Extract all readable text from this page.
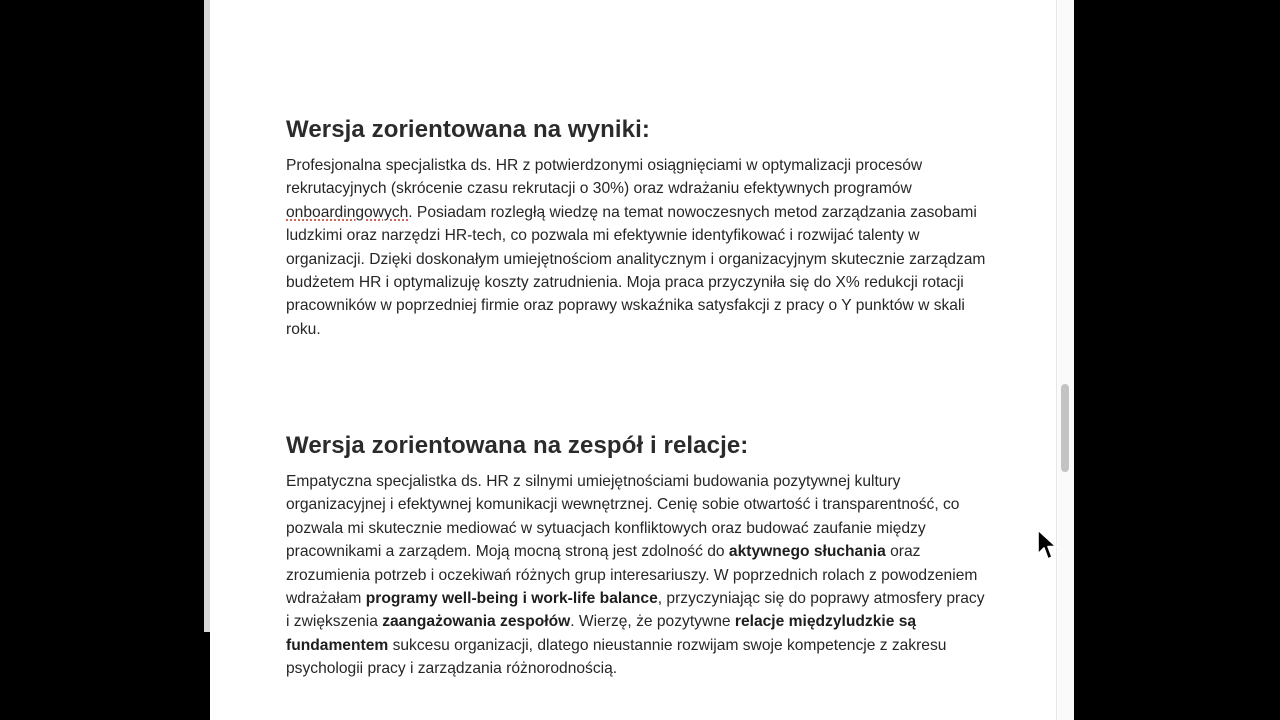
Wersja zorientowana na wyniki:

Profesjonalna specjalistka ds. HR z potwierdzonymi osiągnięciami w optymalizacji procesów rekrutacyjnych (skrócenie czasu rekrutacji o 30%) oraz wdrażaniu efektywnych programów onboardingowych. Posiadam rozległą wiedzę na temat nowoczesnych metod zarządzania zasobami ludzkimi oraz narzędzi HR-tech, co pozwala mi efektywnie identyfikować i rozwijać talenty w organizacji. Dzięki doskonałym umiejętnościom analitycznym i organizacyjnym skutecznie zarządzam budżetem HR i optymalizuję koszty zatrudnienia. Moja praca przyczyniła się do X% redukcji rotacji pracowników w poprzedniej firmie oraz poprawy wskaźnika satysfakcji z pracy o Y punktów w skali roku.

Wersja zorientowana na zespół i relacje:

Empatyczna specjalistka ds. HR z silnymi umiejętnościami budowania pozytywnej kultury organizacyjnej i efektywnej komunikacji wewnętrznej. Cenię sobie otwartość i transparentność, co pozwala mi skutecznie mediować w sytuacjach konfliktowych oraz budować zaufanie między pracownikami a zarządem. Moją mocną stroną jest zdolność do aktywnego słuchania oraz zrozumienia potrzeb i oczekiwań różnych grup interesariuszy. W poprzednich rolach z powodzeniem wdrażałam programy well-being i work-life balance, przyczyniając się do poprawy atmosfery pracy i zwiększenia zaangażowania zespołów. Wierzę, że pozytywne relacje międzyludzkie są fundamentem sukcesu organizacji, dlatego nieustannie rozwijam swoje kompetencje z zakresu psychologii pracy i zarządzania różnorodnością.
